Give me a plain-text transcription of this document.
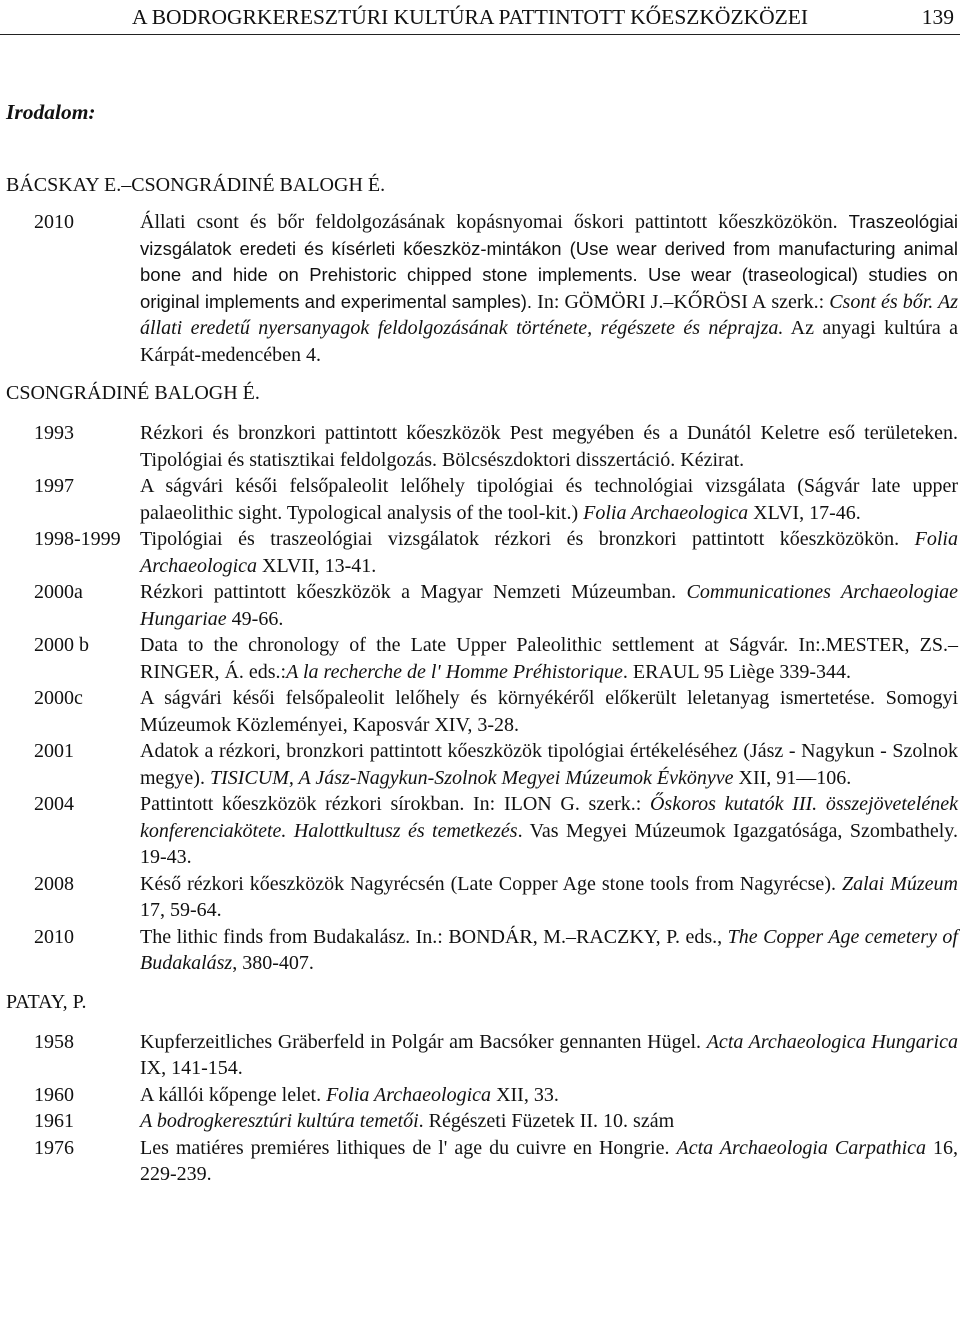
A BODROGRKERESZTÚRI KULTÚRA PATTINTOTT KŐESZKÖZKÖZEI	139
Irodalom:
BÁCSKAY E.–CSONGRÁDINÉ BALOGH É.
2010	Állati csont és bőr feldolgozásának kopásnyomai őskori pattintott kőeszközökön. Traszeológiai vizsgálatok eredeti és kísérleti kőeszköz-mintákon (Use wear derived from manufacturing animal bone and hide on Prehistoric chipped stone implements. Use wear (traseological) studies on original implements and experimental samples). In: GÖMÖRI J.–KŐRÖSI A szerk.: Csont és bőr. Az állati eredetű nyersanyagok feldolgozásának története, régészete és néprajza. Az anyagi kultúra a Kárpát-medencében 4.
CSONGRÁDINÉ BALOGH É.
1993	Rézkori és bronzkori pattintott kőeszközök Pest megyében és a Dunától Keletre eső területeken. Tipológiai és statisztikai feldolgozás. Bölcsészdoktori disszertáció. Kézirat.
1997	A ságvári késői felsőpaleolit lelőhely tipológiai és technológiai vizsgálata (Ságvár late upper palaeolithic sight. Typological analysis of the tool-kit.) Folia Archaeologica XLVI, 17-46.
1998-1999 Tipológiai és traszeológiai vizsgálatok rézkori és bronzkori pattintott kőeszközökön. Folia Archaeologica XLVII, 13-41.
2000a	Rézkori pattintott kőeszközök a Magyar Nemzeti Múzeumban. Communicationes Archaeologiae Hungariae 49-66.
2000 b	Data to the chronology of the Late Upper Paleolithic settlement at Ságvár. In:.MESTER, ZS.–RINGER, Á. eds.:A la recherche de l' Homme Préhistorique. ERAUL 95 Liège 339-344.
2000c	A ságvári késői felsőpaleolit lelőhely és környékéről előkerült leletanyag ismertetése. Somogyi Múzeumok Közleményei, Kaposvár XIV, 3-28.
2001	Adatok a rézkori, bronzkori pattintott kőeszközök tipológiai értékeléséhez (Jász - Nagykun - Szolnok megye). TISICUM, A Jász-Nagykun-Szolnok Megyei Múzeumok Évkönyve XII, 91—106.
2004	Pattintott kőeszközök rézkori sírokban. In: ILON G. szerk.: Őskoros kutatók III. összejövetelének konferenciakötete. Halottkultusz és temetkezés. Vas Megyei Múzeumok Igazgatósága, Szombathely. 19-43.
2008	Késő rézkori kőeszközök Nagyrécsén (Late Copper Age stone tools from Nagyrécse). Zalai Múzeum 17, 59-64.
2010	The lithic finds from Budakalász. In.: BONDÁR, M.–RACZKY, P. eds., The Copper Age cemetery of Budakalász, 380-407.
PATAY, P.
1958	Kupferzeitliches Gräberfeld in Polgár am Bacsóker gennanten Hügel. Acta Archaeologica Hungarica IX, 141-154.
1960	A kállói kőpenge lelet. Folia Archaeologica XII, 33.
1961	A bodrogkeresztúri kultúra temetői. Régészeti Füzetek II. 10. szám
1976	Les matiéres premiéres lithiques de l' age du cuivre en Hongrie. Acta Archaeologia Carpathica 16, 229-239.
